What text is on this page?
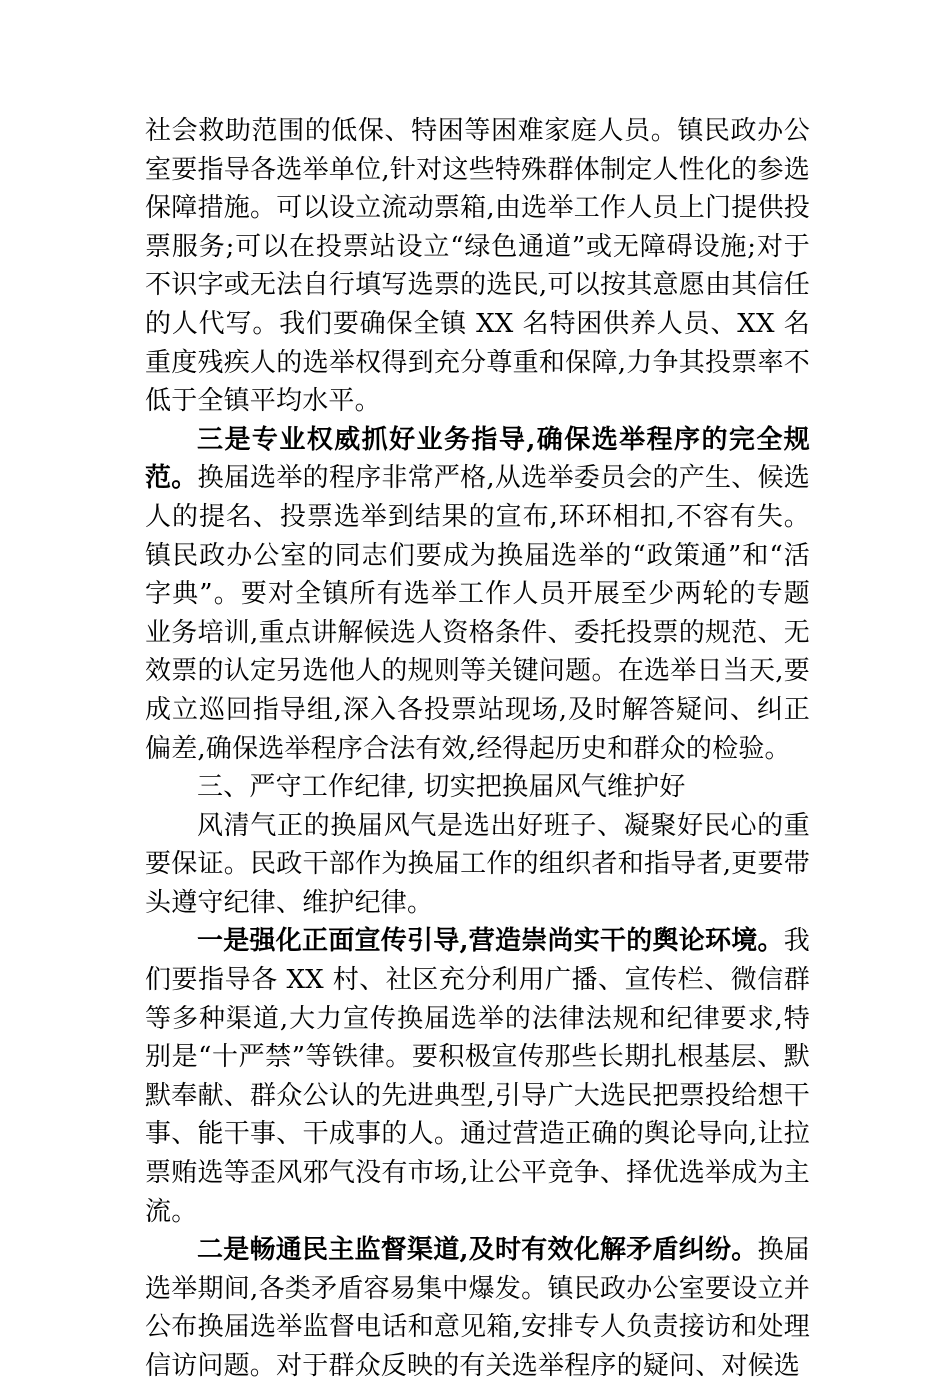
社会救助范围的低保、特困等困难家庭人员。镇民政办公室要指导各选举单位,针对这些特殊群体制定人性化的参选保障措施。可以设立流动票箱,由选举工作人员上门提供投票服务;可以在投票站设立“绿色通道”或无障碍设施;对于不识字或无法自行填写选票的选民,可以按其意愿由其信任的人代写。我们要确保全镇 XX 名特困供养人员、XX 名重度残疾人的选举权得到充分尊重和保障,力争其投票率不低于全镇平均水平。

三是专业权威抓好业务指导,确保选举程序的完全规范。换届选举的程序非常严格,从选举委员会的产生、候选人的提名、投票选举到结果的宣布,环环相扣,不容有失。镇民政办公室的同志们要成为换届选举的“政策通”和“活字典”。要对全镇所有选举工作人员开展至少两轮的专题业务培训,重点讲解候选人资格条件、委托投票的规范、无效票的认定另选他人的规则等关键问题。在选举日当天,要成立巡回指导组,深入各投票站现场,及时解答疑问、纠正偏差,确保选举程序合法有效,经得起历史和群众的检验。

三、严守工作纪律, 切实把换届风气维护好

风清气正的换届风气是选出好班子、凝聚好民心的重要保证。民政干部作为换届工作的组织者和指导者,更要带头遵守纪律、维护纪律。

一是强化正面宣传引导,营造崇尚实干的舆论环境。我们要指导各 XX 村、社区充分利用广播、宣传栏、微信群等多种渠道,大力宣传换届选举的法律法规和纪律要求,特别是“十严禁”等铁律。要积极宣传那些长期扎根基层、默默奉献、群众公认的先进典型,引导广大选民把票投给想干事、能干事、干成事的人。通过营造正确的舆论导向,让拉票贿选等歪风邪气没有市场,让公平竞争、择优选举成为主流。

二是畅通民主监督渠道,及时有效化解矛盾纠纷。换届选举期间,各类矛盾容易集中爆发。镇民政办公室要设立并公布换届选举监督电话和意见箱,安排专人负责接访和处理信访问题。对于群众反映的有关选举程序的疑问、对候选
